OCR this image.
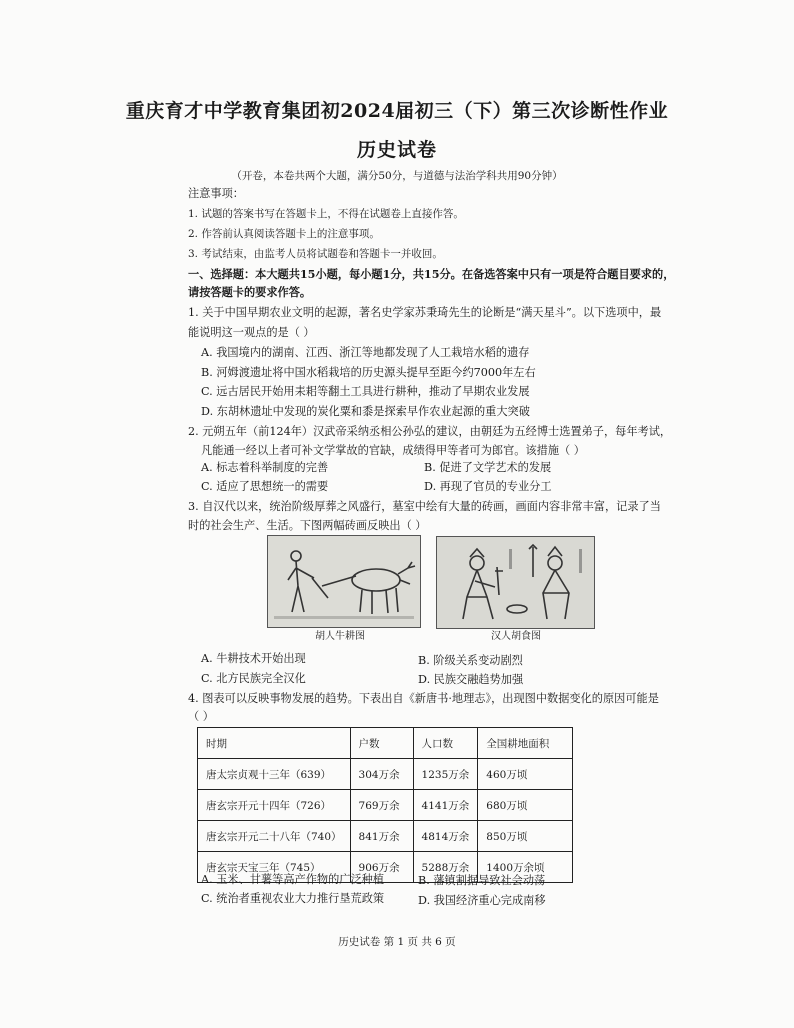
重庆育才中学教育集团初2024届初三（下）第三次诊断性作业
历史试卷
（开卷，本卷共两个大题，满分50分，与道德与法治学科共用90分钟）
注意事项：
1. 试题的答案书写在答题卡上，不得在试题卷上直接作答。
2. 作答前认真阅读答题卡上的注意事项。
3. 考试结束，由监考人员将试题卷和答题卡一并收回。
一、选择题：本大题共15小题，每小题1分，共15分。在备选答案中只有一项是符合题目要求的，
请按答题卡的要求作答。
1. 关于中国早期农业文明的起源，著名史学家苏秉琦先生的论断是“满天星斗”。以下选项中，最
能说明这一观点的是（ ）
A. 我国境内的湖南、江西、浙江等地都发现了人工栽培水稻的遗存
B. 河姆渡遗址将中国水稻栽培的历史源头提早至距今约7000年左右
C. 远古居民开始用耒耜等翻土工具进行耕种，推动了早期农业发展
D. 东胡林遗址中发现的炭化粟和黍是探索早作农业起源的重大突破
2. 元朔五年（前124年）汉武帝采纳丞相公孙弘的建议，由朝廷为五经博士选置弟子，每年考试，
凡能通一经以上者可补文学掌故的官缺，成绩得甲等者可为郎官。该措施（ ）
A. 标志着科举制度的完善	B. 促进了文学艺术的发展
C. 适应了思想统一的需要	D. 再现了官员的专业分工
3. 自汉代以来，统治阶级厚葬之风盛行，墓室中绘有大量的砖画，画面内容非常丰富，记录了当
时的社会生产、生活。下图两幅砖画反映出（ ）
胡人牛耕图	汉人胡食图
A. 牛耕技术开始出现	B. 阶级关系变动剧烈
C. 北方民族完全汉化	D. 民族交融趋势加强
4. 图表可以反映事物发展的趋势。下表出自《新唐书·地理志》，出现图中数据变化的原因可能是
（ ）
时期	户数	人口数	全国耕地面积
唐太宗贞观十三年（639）	304万余	1235万余	460万顷
唐玄宗开元十四年（726）	769万余	4141万余	680万顷
唐玄宗开元二十八年（740）	841万余	4814万余	850万顷
唐玄宗天宝三年（745）	906万余	5288万余	1400万余顷
A. 玉米、甘薯等高产作物的广泛种植	B. 藩镇割据导致社会动荡
C. 统治者重视农业大力推行垦荒政策	D. 我国经济重心完成南移
历史试卷 第 1 页 共 6 页
